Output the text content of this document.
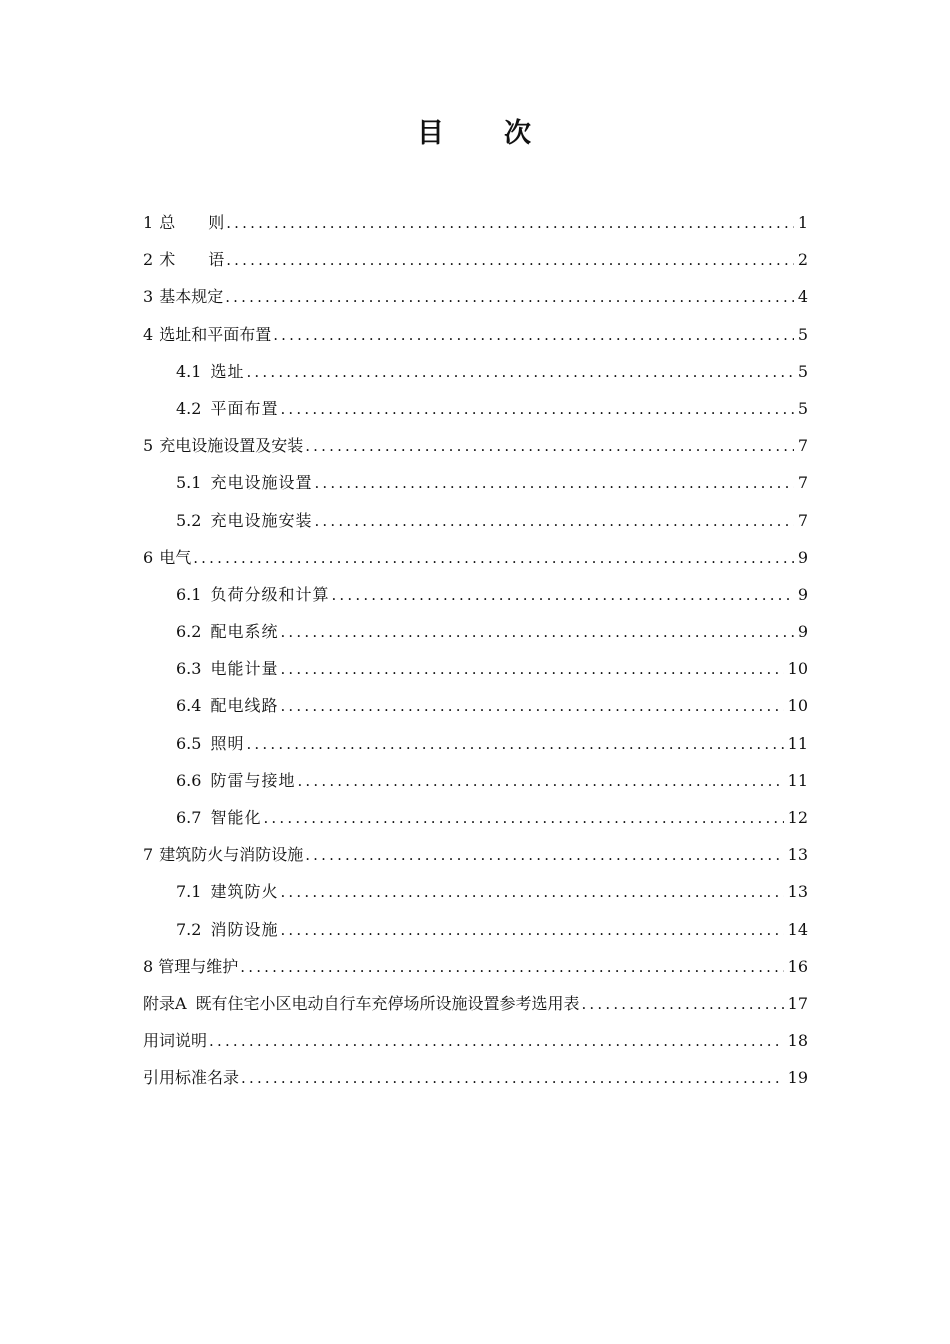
目 次
1 总 则 .....	1
2 术 语 .....	2
3 基本规定 .....	4
4 选址和平面布置 .....	5
4.1 选址 .....	5
4.2 平面布置 .....	5
5 充电设施设置及安装 .....	7
5.1 充电设施设置 .....	7
5.2 充电设施安装 .....	7
6 电气 .....	9
6.1 负荷分级和计算 .....	9
6.2 配电系统 .....	9
6.3 电能计量 .....	10
6.4 配电线路 .....	10
6.5 照明 .....	11
6.6 防雷与接地 .....	11
6.7 智能化 .....	12
7 建筑防火与消防设施 .....	13
7.1 建筑防火 .....	13
7.2 消防设施 .....	14
8 管理与维护 .....	16
附录A 既有住宅小区电动自行车充停场所设施设置参考选用表 .....	17
用词说明 .....	18
引用标准名录 .....	19
